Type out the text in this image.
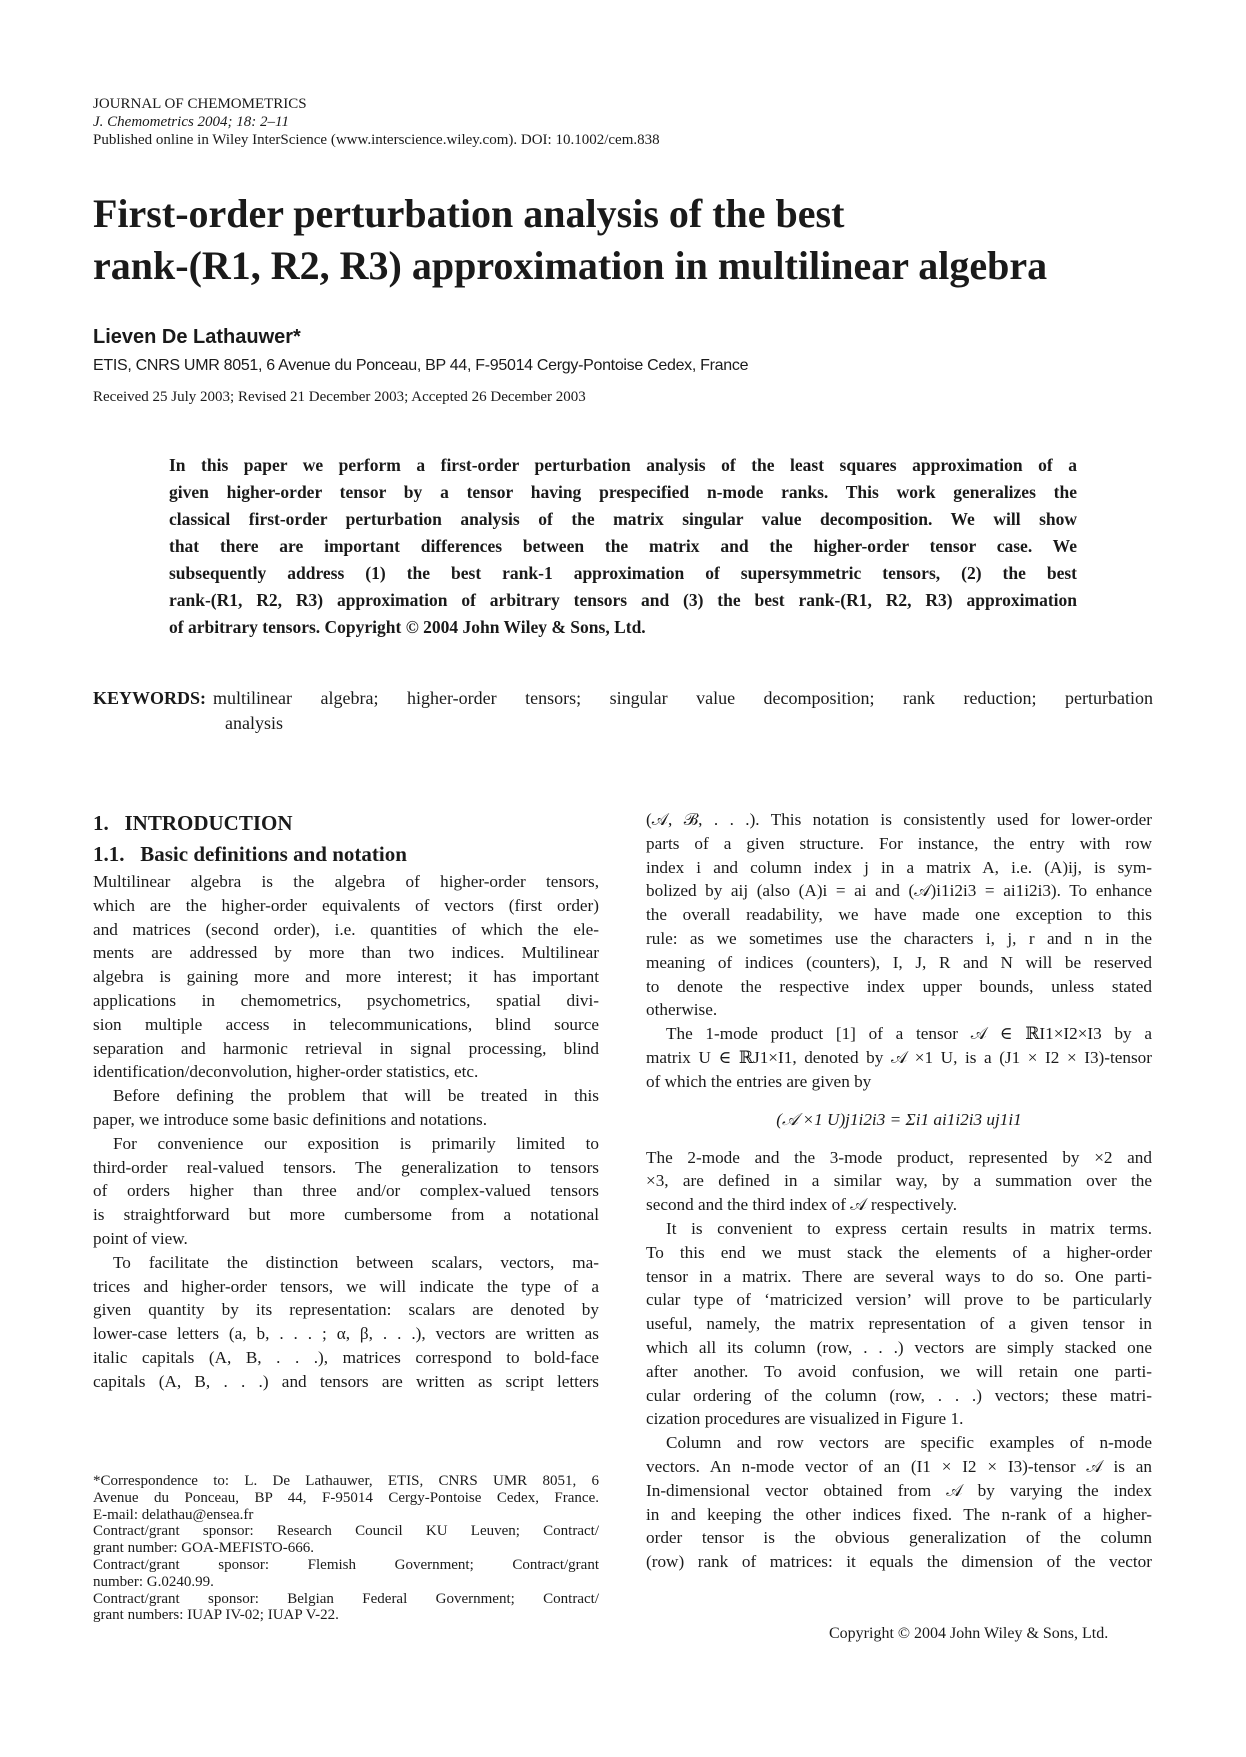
JOURNAL OF CHEMOMETRICS
J. Chemometrics 2004; 18: 2–11
Published online in Wiley InterScience (www.interscience.wiley.com). DOI: 10.1002/cem.838
First-order perturbation analysis of the best
rank-(R1, R2, R3) approximation in multilinear algebra
Lieven De Lathauwer*
ETIS, CNRS UMR 8051, 6 Avenue du Ponceau, BP 44, F-95014 Cergy-Pontoise Cedex, France
Received 25 July 2003; Revised 21 December 2003; Accepted 26 December 2003
In this paper we perform a first-order perturbation analysis of the least squares approximation of a
given higher-order tensor by a tensor having prespecified n-mode ranks. This work generalizes the
classical first-order perturbation analysis of the matrix singular value decomposition. We will show
that there are important differences between the matrix and the higher-order tensor case. We
subsequently address (1) the best rank-1 approximation of supersymmetric tensors, (2) the best
rank-(R1, R2, R3) approximation of arbitrary tensors and (3) the best rank-(R1, R2, R3) approximation
of arbitrary tensors. Copyright © 2004 John Wiley & Sons, Ltd.
KEYWORDS: multilinear algebra; higher-order tensors; singular value decomposition; rank reduction; perturbation
analysis
1.   INTRODUCTION
1.1.   Basic definitions and notation
Multilinear algebra is the algebra of higher-order tensors,
which are the higher-order equivalents of vectors (first order)
and matrices (second order), i.e. quantities of which the ele-
ments are addressed by more than two indices. Multilinear
algebra is gaining more and more interest; it has important
applications in chemometrics, psychometrics, spatial divi-
sion multiple access in telecommunications, blind source
separation and harmonic retrieval in signal processing, blind
identification/deconvolution, higher-order statistics, etc.
Before defining the problem that will be treated in this
paper, we introduce some basic definitions and notations.
For convenience our exposition is primarily limited to
third-order real-valued tensors. The generalization to tensors
of orders higher than three and/or complex-valued tensors
is straightforward but more cumbersome from a notational
point of view.
To facilitate the distinction between scalars, vectors, ma-
trices and higher-order tensors, we will indicate the type of a
given quantity by its representation: scalars are denoted by
lower-case letters (a, b, . . . ; α, β, . . .), vectors are written as
italic capitals (A, B, . . .), matrices correspond to bold-face
capitals (A, B, . . .) and tensors are written as script letters
*Correspondence to: L. De Lathauwer, ETIS, CNRS UMR 8051, 6
Avenue du Ponceau, BP 44, F-95014 Cergy-Pontoise Cedex, France.
E-mail: delathau@ensea.fr
Contract/grant sponsor: Research Council KU Leuven; Contract/
grant number: GOA-MEFISTO-666.
Contract/grant sponsor: Flemish Government; Contract/grant
number: G.0240.99.
Contract/grant sponsor: Belgian Federal Government; Contract/
grant numbers: IUAP IV-02; IUAP V-22.
(𝒜, ℬ, . . .). This notation is consistently used for lower-order
parts of a given structure. For instance, the entry with row
index i and column index j in a matrix A, i.e. (A)ij, is sym-
bolized by aij (also (A)i = ai and (𝒜)i1i2i3 = ai1i2i3). To enhance
the overall readability, we have made one exception to this
rule: as we sometimes use the characters i, j, r and n in the
meaning of indices (counters), I, J, R and N will be reserved
to denote the respective index upper bounds, unless stated
otherwise.
The 1-mode product [1] of a tensor 𝒜 ∈ ℝI1×I2×I3 by a
matrix U ∈ ℝJ1×I1, denoted by 𝒜 ×1 U, is a (J1 × I2 × I3)-tensor
of which the entries are given by
(𝒜 ×1 U)j1i2i3 = Σi1 ai1i2i3 uj1i1
The 2-mode and the 3-mode product, represented by ×2 and
×3, are defined in a similar way, by a summation over the
second and the third index of 𝒜 respectively.
It is convenient to express certain results in matrix terms.
To this end we must stack the elements of a higher-order
tensor in a matrix. There are several ways to do so. One parti-
cular type of ‘matricized version’ will prove to be particularly
useful, namely, the matrix representation of a given tensor in
which all its column (row, . . .) vectors are simply stacked one
after another. To avoid confusion, we will retain one parti-
cular ordering of the column (row, . . .) vectors; these matri-
cization procedures are visualized in Figure 1.
Column and row vectors are specific examples of n-mode
vectors. An n-mode vector of an (I1 × I2 × I3)-tensor 𝒜 is an
In-dimensional vector obtained from 𝒜 by varying the index
in and keeping the other indices fixed. The n-rank of a higher-
order tensor is the obvious generalization of the column
(row) rank of matrices: it equals the dimension of the vector
Copyright © 2004 John Wiley & Sons, Ltd.
